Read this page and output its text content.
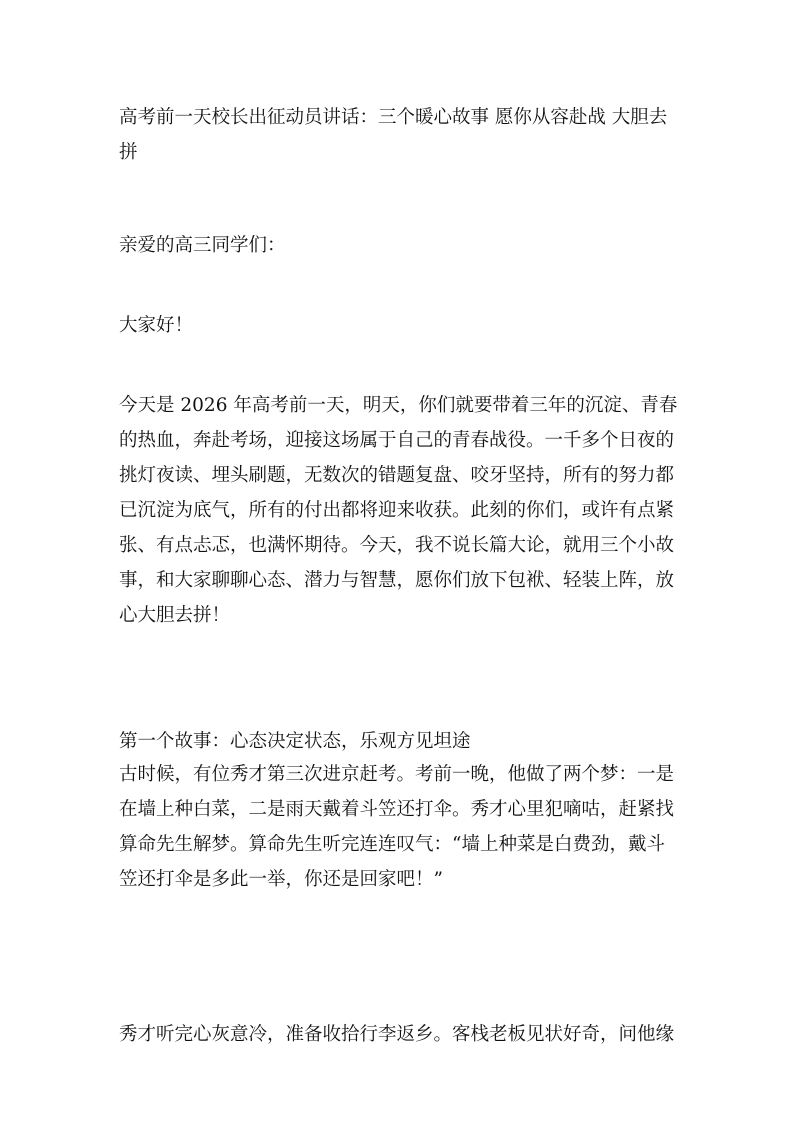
高考前一天校长出征动员讲话：三个暖心故事 愿你从容赴战 大胆去
拼
亲爱的高三同学们：
大家好！
今天是 2026 年高考前一天，明天，你们就要带着三年的沉淀、青春
的热血，奔赴考场，迎接这场属于自己的青春战役。一千多个日夜的
挑灯夜读、埋头刷题，无数次的错题复盘、咬牙坚持，所有的努力都
已沉淀为底气，所有的付出都将迎来收获。此刻的你们，或许有点紧
张、有点忐忑，也满怀期待。今天，我不说长篇大论，就用三个小故
事，和大家聊聊心态、潜力与智慧，愿你们放下包袱、轻装上阵，放
心大胆去拼！
第一个故事：心态决定状态，乐观方见坦途
古时候，有位秀才第三次进京赶考。考前一晚，他做了两个梦：一是
在墙上种白菜，二是雨天戴着斗笠还打伞。秀才心里犯嘀咕，赶紧找
算命先生解梦。算命先生听完连连叹气：“墙上种菜是白费劲，戴斗
笠还打伞是多此一举，你还是回家吧！”
秀才听完心灰意冷，准备收拾行李返乡。客栈老板见状好奇，问他缘
